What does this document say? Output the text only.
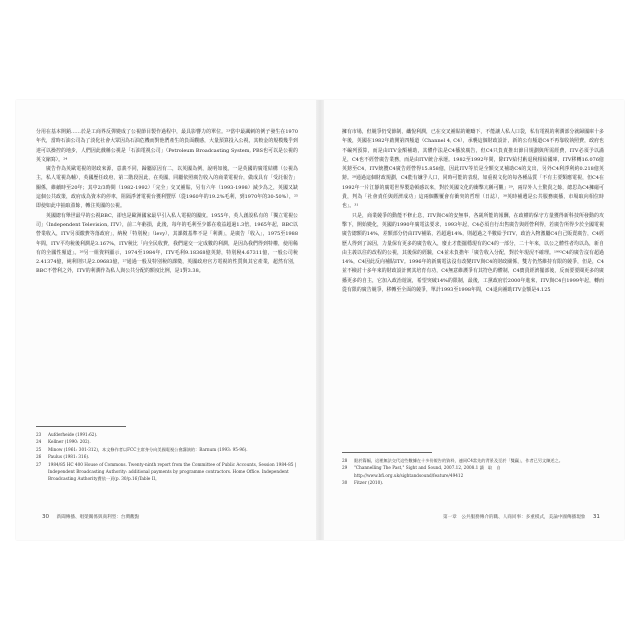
分用在基本開銷……於是工商界反彈變成了公視節目製作過程中，最具影響力的單位。²³當中最諷刺的例子發生在1970年代，當時石油公司為了淡化社會大眾因為石油危機而對他們產生的負面觀感，大量預算投入公視，其較金的規模幾乎到達可以操控的地步，人們因此戲稱公視是「石油電視公司」（Petroleum Broadcasting System, PBS也可以是公視的英文縮寫）。²⁴

廣告作為英歐電視的財政來源，意義不同，歸屬原因有二，以英國為例，說明如後。一是英國的廣電結構（公視為主，私人電視為輔），英國歷任政府，第二階段因此，在英國，同屬依照廣告收入的商業電視台，做成具有「受託報告」關係，維續時至20年；其中2/3時間（1982-1992）「完全」交叉補貼，另有六年（1993-1998）減少為之，英國又缺這個公共政策，政府成為資本的停車，阻隔淨著電視台獲利豐厚（從1960年的19.2%毛利，到1970年的30-50%），²⁵即使如此中抽取盈餘，轉注英國的公視。

英國總有舉世最早的公視BBC，卻也是歐洲國家最早引入私人電視的國度。1955年，英人創設私有的「獨立電視公司」（Independent Television, ITV），前二年虧損，此後，每年的毛利至少都在收益超過1.3倍，1965年起，BBC以營業收入，ITV另須繳費等落政府」，納稅「特別稅」（levy），其課徵基準不是「利潤」，是廣告「收入」，1975至1988年間，ITV平均稅後利潤是3.167%，ITV稅比「向全民收費，我們還交一定成數的利潤，是因為我們得到特權，使用稀有的全國性頻道」。²⁶另一組資料顯示，1974至1984年，ITV毛利9.18368億英鎊，特別稅4.67311億，一般公司稅2.41374億，純利則只是2.09683億，²⁷通過一般及特別稅的課徵，英國政府官方電視的性質與其它產業，超然有別，BBC不營利之外，ITV的利潤作為私人與公共分配的額度比例，是1對3.38。

23	Aufderheide (1991:62).
24	Kellner (1990: 202).
25	Minow (1961: 301-312)，本文條作者以FCC主席身分向美國電視公會講演的：Barnum (1993: 95-96).
26	Paulus (1981: 316).
27	1984/85 HC 400 House of Commons. Twenty-ninth report from the Committee of Public Accounts, Session 1984-85 | Independent Broadcasting Authority: additional payments by programme contractors. Home Office. Independent Broadcasting Authority費依一頁(p. 30/p.16)Table II。
30 新聞傳播、唱榮關係與商利型：台灣觀點

擁有市場，但競爭仍受節制，纖悅利潤，已在交叉補貼的範疇下，不能讓人私人口袋，私有電視的利潤部分就歸國庫十多年後，英國在1982年啟開第四頻道（Channel 4, C4），承襲這個財政設計，新的公有頻道C4不再靠收執照費，政府也不編列預算，而是由ITV金額補助，其體作法是C4播放廣告，但C4只負責推出節目規劃與所需經費，ITV必須予以滿足，C4也不經營廣告業務，而是由ITV統合承運。1982至1992年間，除ITV給付虧退稅相給國庫，ITV移轉16.076億英鎊至C4，ITV統攬C4廣告經營得15.858億，因此ITV等於是全額交叉補助C4的支出，另外C4利淨利約0.218億英鎊。²⁸通過這個財政規劃，C4能有嫌乎人口，同時可能的表現，如重視文化的每各種品質「不有主要類應電視，但C4在1992年一片江靜的廣電世界製造頓感以來，對於英國文化的衝擊亢稱可觀」²⁹，兩岸外人士驚貴之餘，總思為C4擁磁可貴，判為「社會責任與經濟成功」這兩個觀覆會有衝突的哲理（日誌），³⁰英時補遺是公共服務廣播，市場取向相位時也」。³¹

只是，商業競爭的動能不修止息，ITV與C4的安無事，各歲所能的報酬，在政權的保守方量獲得新科技所發動的攻擊下，開始變化，英國的1990年廣電法要求，1993年起，C4必須自行出售廣告與經營利得，若廣告所得少於全國電視廣告總額的14%，差額部分仍由ITV補貼，若超過14%，則超過之半數給予ITV，政治入物激屬C4自己販賣廣告，C4經歷人得到了諒因，力量保有更多的廣告收入，廢止才能擺穩現有的C4的一部分，二十年來，以公之體性者均以為，新自由主義以往的改程的公視，其後保的經驗，C4並未負擔年「廣告收入分配，對於年現況不確理。¹⁹⁹²C4的廣告沒有超過14%，C4因此反向補貼ITV。1996年的新廣電法沒有改變ITV與C4的財政關係，雙方仍然維持有限的競爭，但是，C4並不檢討十多年來的財政設計實其培育有功，C4無意維護爭有其符色的體制，C4寶貴經濟擺部後，反而要要閱更多的廣播更多的自主，它加入政治遊說，希望突破14%的限制，最後，工黨政府於2000年進來，ITV與C4自1999年起，轉而從有限的廣告競爭，移轉至全面的競爭，單計1993至1998年間，C4退向補助ITV金額是4.125

28	限於篇幅，這裡無法交代這些數據在十多份報告的資料，連同C4當先的背景及至於「雙贏」，作者已另文陳述之。
29	"Channelling The Past," Sight and Sound, 2007.12, 2008.1 讀　取　自 http://www.bfi.org.uk/sightandsound/feature/49412
30	Fitzer (2010).
第一章　公共服務傳介的職、人商同事：多重模式，美論中國傳播現象 31
